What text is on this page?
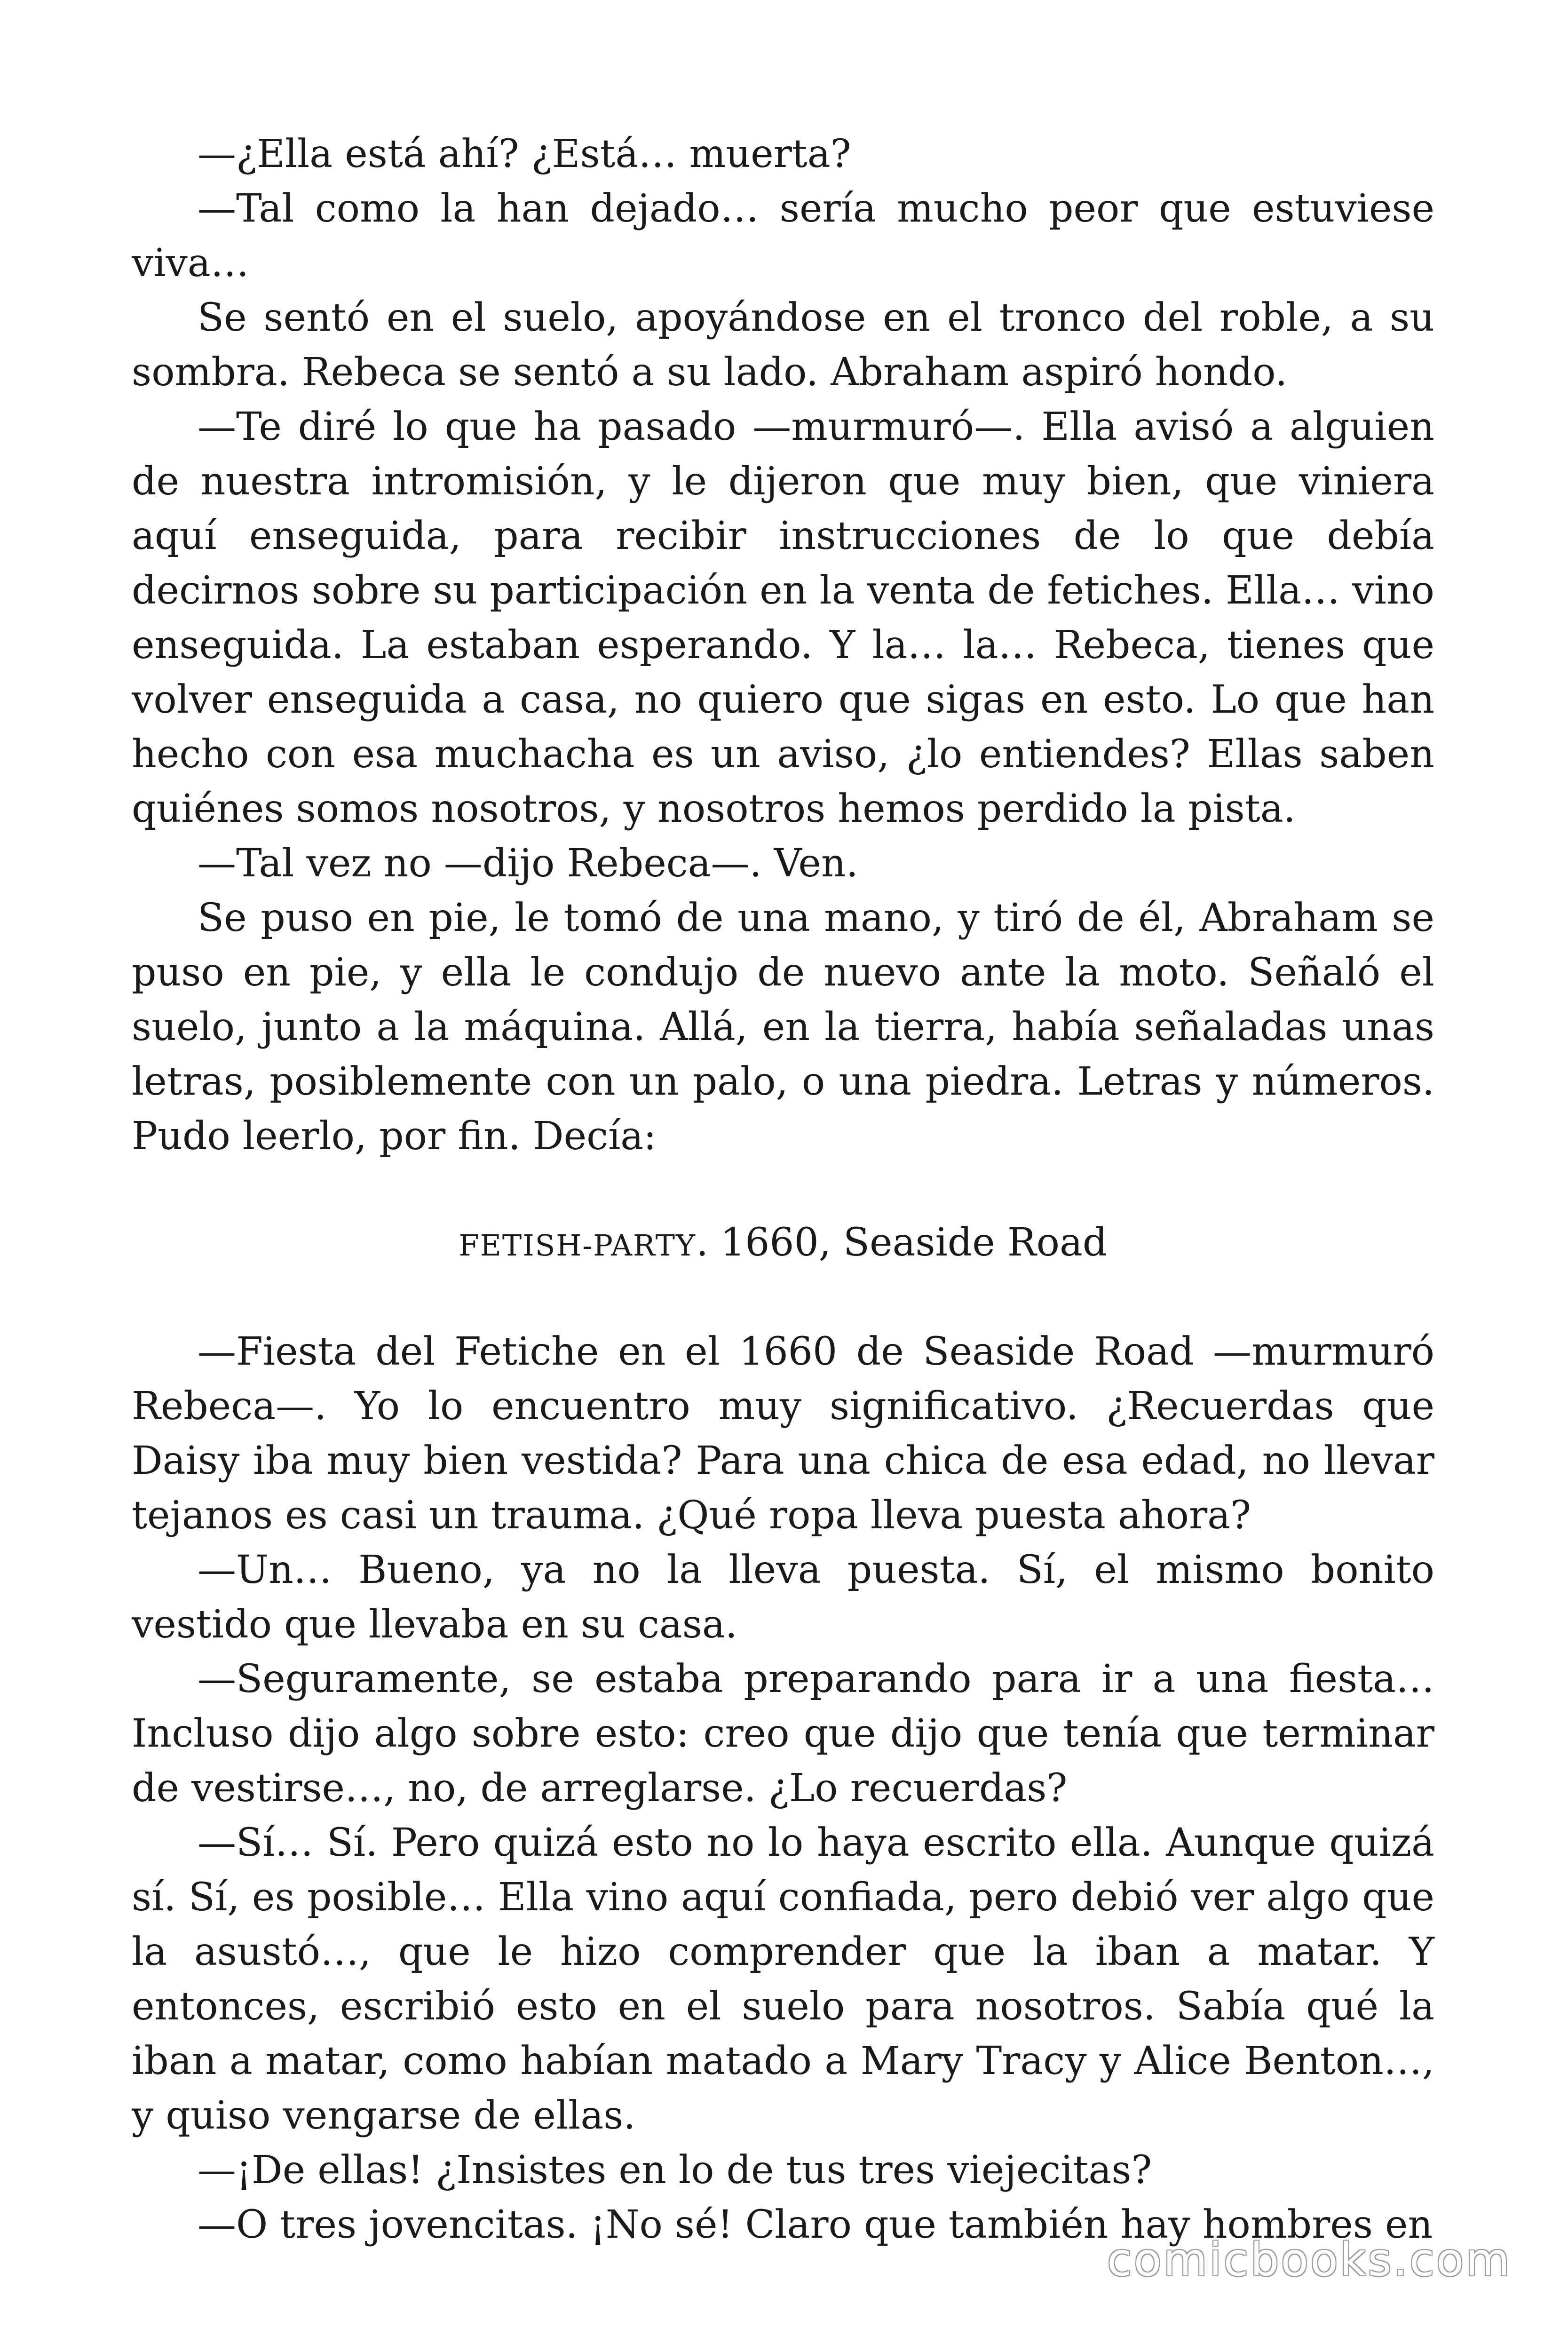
—¿Ella está ahí? ¿Está… muerta?

—Tal como la han dejado… sería mucho peor que estuviese viva…

Se sentó en el suelo, apoyándose en el tronco del roble, a su sombra. Rebeca se sentó a su lado. Abraham aspiró hondo.

—Te diré lo que ha pasado —murmuró—. Ella avisó a alguien de nuestra intromisión, y le dijeron que muy bien, que viniera aquí enseguida, para recibir instrucciones de lo que debía decirnos sobre su participación en la venta de fetiches. Ella… vino enseguida. La estaban esperando. Y la… la… Rebeca, tienes que volver enseguida a casa, no quiero que sigas en esto. Lo que han hecho con esa muchacha es un aviso, ¿lo entiendes? Ellas saben quiénes somos nosotros, y nosotros hemos perdido la pista.

—Tal vez no —dijo Rebeca—. Ven.

Se puso en pie, le tomó de una mano, y tiró de él, Abraham se puso en pie, y ella le condujo de nuevo ante la moto. Señaló el suelo, junto a la máquina. Allá, en la tierra, había señaladas unas letras, posiblemente con un palo, o una piedra. Letras y números. Pudo leerlo, por fin. Decía:

FETISH-PARTY. 1660, Seaside Road

—Fiesta del Fetiche en el 1660 de Seaside Road —murmuró Rebeca—. Yo lo encuentro muy significativo. ¿Recuerdas que Daisy iba muy bien vestida? Para una chica de esa edad, no llevar tejanos es casi un trauma. ¿Qué ropa lleva puesta ahora?

—Un… Bueno, ya no la lleva puesta. Sí, el mismo bonito vestido que llevaba en su casa.

—Seguramente, se estaba preparando para ir a una fiesta… Incluso dijo algo sobre esto: creo que dijo que tenía que terminar de vestirse…, no, de arreglarse. ¿Lo recuerdas?

—Sí… Sí. Pero quizá esto no lo haya escrito ella. Aunque quizá sí. Sí, es posible… Ella vino aquí confiada, pero debió ver algo que la asustó…, que le hizo comprender que la iban a matar. Y entonces, escribió esto en el suelo para nosotros. Sabía qué la iban a matar, como habían matado a Mary Tracy y Alice Benton…, y quiso vengarse de ellas.

—¡De ellas! ¿Insistes en lo de tus tres viejecitas?

—O tres jovencitas. ¡No sé! Claro que también hay hombres en

comicbooks.com
